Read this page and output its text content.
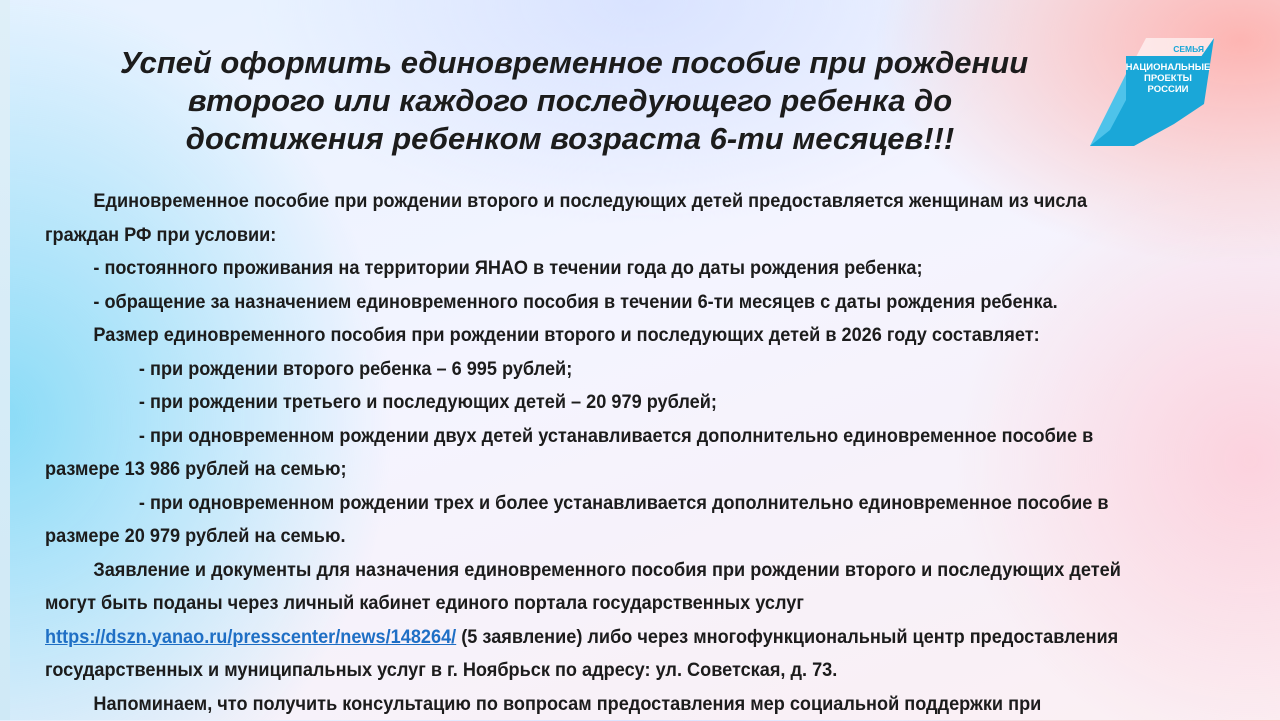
Успей оформить единовременное пособие при рождении
второго или каждого последующего ребенка до
достижения ребенком возраста 6-ти месяцев!!!
СЕМЬЯ
НАЦИОНАЛЬНЫЕ
ПРОЕКТЫ
РОССИИ

Единовременное пособие при рождении второго и последующих детей предоставляется женщинам из числа

граждан РФ при условии:

- постоянного проживания на территории ЯНАО в течении года до даты рождения ребенка;

- обращение за назначением единовременного пособия в течении 6-ти месяцев с даты рождения ребенка.

Размер единовременного пособия при рождении второго и последующих детей в 2026 году составляет:

- при рождении второго ребенка – 6 995 рублей;

- при рождении третьего и последующих детей – 20 979 рублей;

- при одновременном рождении двух детей устанавливается дополнительно единовременное пособие в

размере 13 986 рублей на семью;

- при одновременном рождении трех и более устанавливается дополнительно единовременное пособие в

размере 20 979 рублей на семью.

Заявление и документы для назначения единовременного пособия при рождении второго и последующих детей

могут быть поданы через личный кабинет единого портала государственных услуг

https://dszn.yanao.ru/presscenter/news/148264/ (5 заявление) либо через многофункциональный центр предоставления

государственных и муниципальных услуг в г. Ноябрьск по адресу: ул. Советская, д. 73.

Напоминаем, что получить консультацию по вопросам предоставления мер социальной поддержки при
